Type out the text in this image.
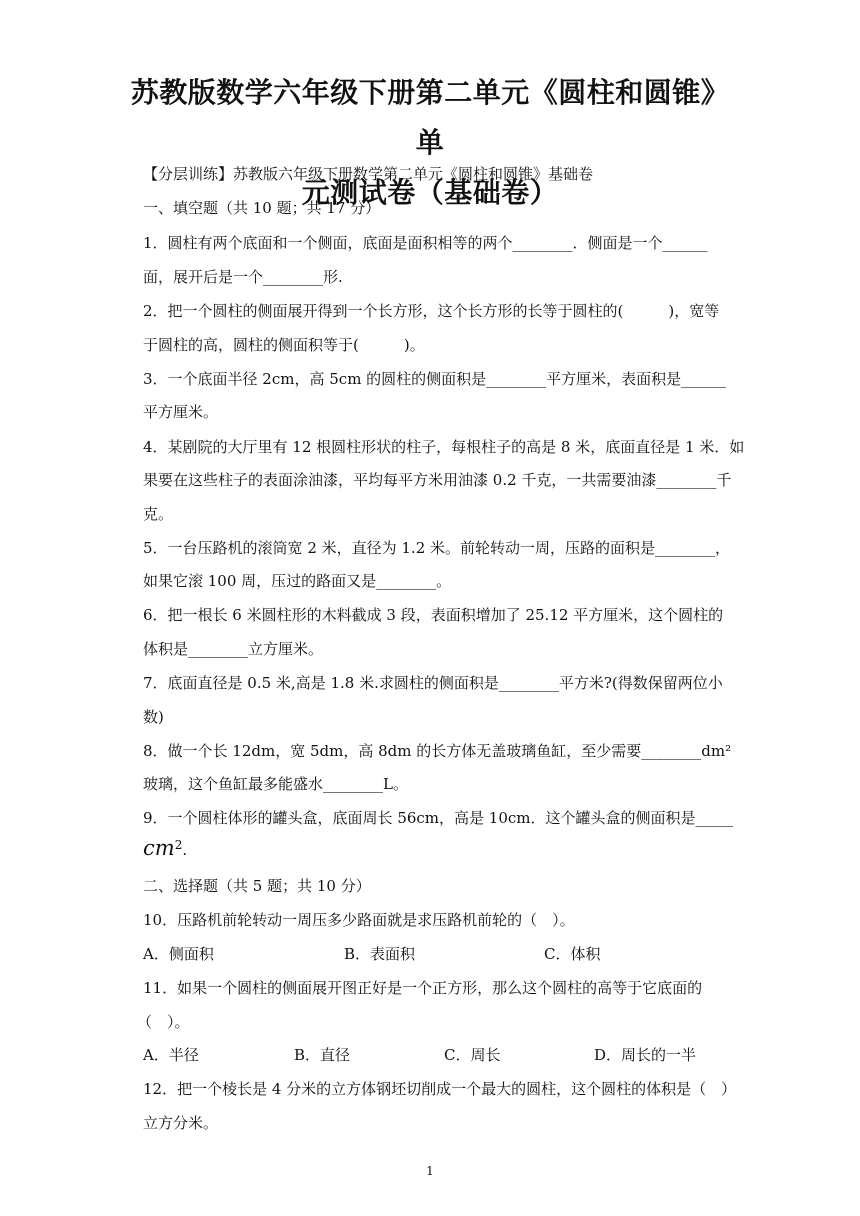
苏教版数学六年级下册第二单元《圆柱和圆锥》单
元测试卷（基础卷）
【分层训练】苏教版六年级下册数学第二单元《圆柱和圆锥》基础卷
一、填空题（共 10 题；共 17 分）
1．圆柱有两个底面和一个侧面，底面是面积相等的两个________．侧面是一个______
面，展开后是一个________形.
2．把一个圆柱的侧面展开得到一个长方形，这个长方形的长等于圆柱的(　　　)，宽等
于圆柱的高，圆柱的侧面积等于(　　　)。
3．一个底面半径 2cm，高 5cm 的圆柱的侧面积是________平方厘米，表面积是______
平方厘米。
4．某剧院的大厅里有 12 根圆柱形状的柱子，每根柱子的高是 8 米，底面直径是 1 米．如
果要在这些柱子的表面涂油漆，平均每平方米用油漆 0.2 千克，一共需要油漆________千
克。
5．一台压路机的滚筒宽 2 米，直径为 1.2 米。前轮转动一周，压路的面积是________，
如果它滚 100 周，压过的路面又是________。
6．把一根长 6 米圆柱形的木料截成 3 段，表面积增加了 25.12 平方厘米，这个圆柱的
体积是________立方厘米。
7．底面直径是 0.5 米,高是 1.8 米.求圆柱的侧面积是________平方米?(得数保留两位小
数)
8．做一个长 12dm，宽 5dm，高 8dm 的长方体无盖玻璃鱼缸，至少需要________dm²
玻璃，这个鱼缸最多能盛水________L。
9．一个圆柱体形的罐头盒，底面周长 56cm，高是 10cm．这个罐头盒的侧面积是_____
$cm^2$.
二、选择题（共 5 题；共 10 分）
10．压路机前轮转动一周压多少路面就是求压路机前轮的（　）。
A．侧面积	B．表面积	C．体积
11．如果一个圆柱的侧面展开图正好是一个正方形，那么这个圆柱的高等于它底面的
（　）。
A．半径	B．直径	C．周长	D．周长的一半
12．把一个棱长是 4 分米的立方体钢坯切削成一个最大的圆柱，这个圆柱的体积是（　）
立方分米。
1
